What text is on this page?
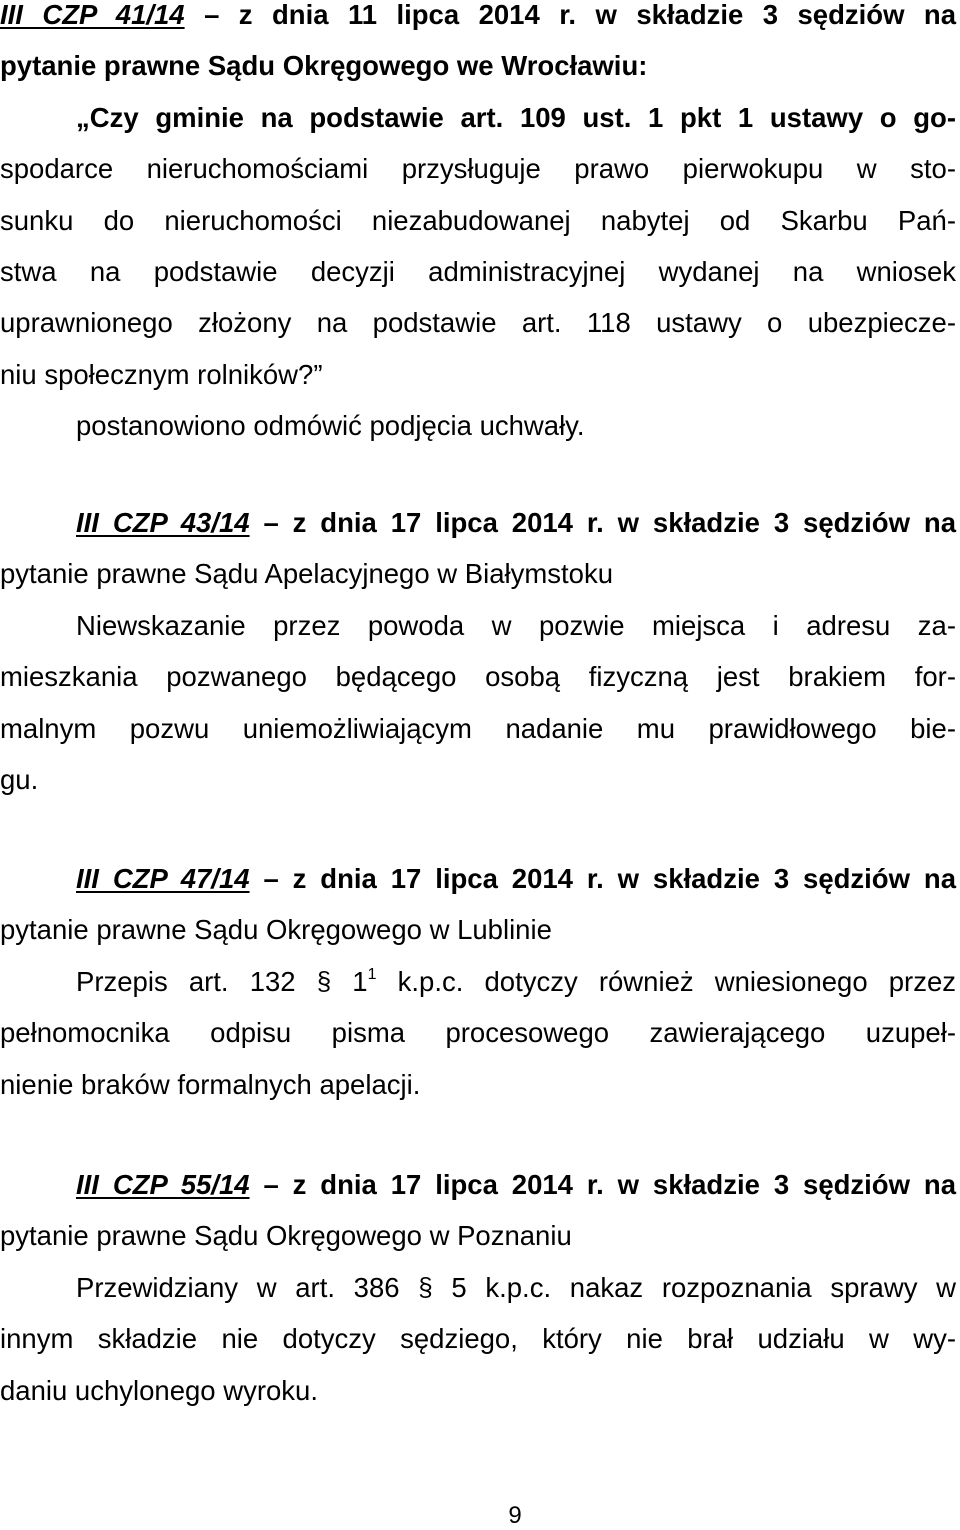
III CZP 41/14 – z dnia 11 lipca 2014 r. w składzie 3 sędziów na
pytanie prawne Sądu Okręgowego we Wrocławiu:
„Czy gminie na podstawie art. 109 ust. 1 pkt 1 ustawy o go-
spodarce nieruchomościami przysługuje prawo pierwokupu w sto-
sunku do nieruchomości niezabudowanej nabytej od Skarbu Pań-
stwa na podstawie decyzji administracyjnej wydanej na wniosek
uprawnionego złożony na podstawie art. 118 ustawy o ubezpiecze-
niu społecznym rolników?”
postanowiono odmówić podjęcia uchwały.
III CZP 43/14 – z dnia 17 lipca 2014 r. w składzie 3 sędziów na
pytanie prawne Sądu Apelacyjnego w Białymstoku
Niewskazanie przez powoda w pozwie miejsca i adresu za-
mieszkania pozwanego będącego osobą fizyczną jest brakiem for-
malnym pozwu uniemożliwiającym nadanie mu prawidłowego bie-
gu.
III CZP 47/14 – z dnia 17 lipca 2014 r. w składzie 3 sędziów na
pytanie prawne Sądu Okręgowego w Lublinie
Przepis art. 132 § $1^1$ k.p.c. dotyczy również wniesionego przez
pełnomocnika odpisu pisma procesowego zawierającego uzupeł-
nienie braków formalnych apelacji.
III CZP 55/14 – z dnia 17 lipca 2014 r. w składzie 3 sędziów na
pytanie prawne Sądu Okręgowego w Poznaniu
Przewidziany w art. 386 § 5 k.p.c. nakaz rozpoznania sprawy w
innym składzie nie dotyczy sędziego, który nie brał udziału w wy-
daniu uchylonego wyroku.
9
